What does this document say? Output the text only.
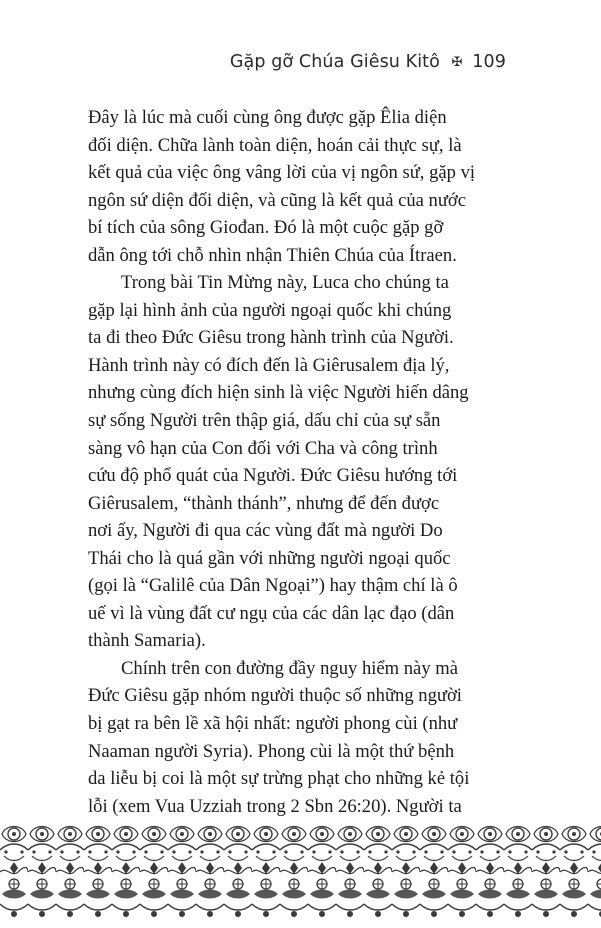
Gặp gỡ Chúa Giêsu Kitô ✠ 109

Đây là lúc mà cuối cùng ông được gặp Êlia diện
đối diện. Chữa lành toàn diện, hoán cải thực sự, là
kết quả của việc ông vâng lời của vị ngôn sứ, gặp vị
ngôn sứ diện đối diện, và cũng là kết quả của nước
bí tích của sông Giođan. Đó là một cuộc gặp gỡ
dẫn ông tới chỗ nhìn nhận Thiên Chúa của Ítraen.

Trong bài Tin Mừng này, Luca cho chúng ta
gặp lại hình ảnh của người ngoại quốc khi chúng
ta đi theo Đức Giêsu trong hành trình của Người.
Hành trình này có đích đến là Giêrusalem địa lý,
nhưng cùng đích hiện sinh là việc Người hiến dâng
sự sống Người trên thập giá, dấu chỉ của sự sẵn
sàng vô hạn của Con đối với Cha và công trình
cứu độ phổ quát của Người. Đức Giêsu hướng tới
Giêrusalem, “thành thánh”, nhưng để đến được
nơi ấy, Người đi qua các vùng đất mà người Do
Thái cho là quá gần với những người ngoại quốc
(gọi là “Galilê của Dân Ngoại”) hay thậm chí là ô
uế vì là vùng đất cư ngụ của các dân lạc đạo (dân
thành Samaria).

Chính trên con đường đầy nguy hiểm này mà
Đức Giêsu gặp nhóm người thuộc số những người
bị gạt ra bên lề xã hội nhất: người phong cùi (như
Naaman người Syria). Phong cùi là một thứ bệnh
da liễu bị coi là một sự trừng phạt cho những kẻ tội
lỗi (xem Vua Uzziah trong 2 Sbn 26:20). Người ta
